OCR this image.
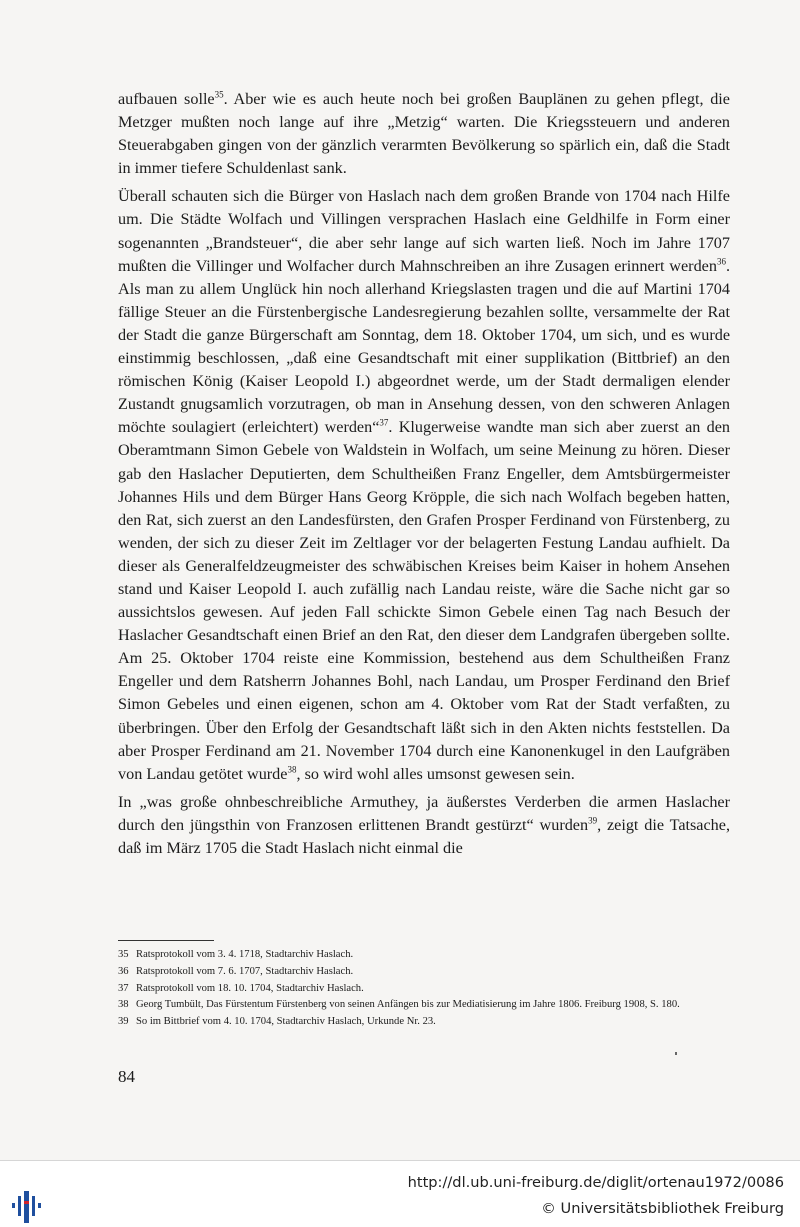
aufbauen solle$^{35}$. Aber wie es auch heute noch bei großen Bauplänen zu gehen pflegt, die Metzger mußten noch lange auf ihre „Metzig“ warten. Die Kriegssteuern und anderen Steuerabgaben gingen von der gänzlich verarmten Bevölkerung so spärlich ein, daß die Stadt in immer tiefere Schuldenlast sank.

Überall schauten sich die Bürger von Haslach nach dem großen Brande von 1704 nach Hilfe um. Die Städte Wolfach und Villingen versprachen Haslach eine Geldhilfe in Form einer sogenannten „Brandsteuer“, die aber sehr lange auf sich warten ließ. Noch im Jahre 1707 mußten die Villinger und Wolfacher durch Mahnschreiben an ihre Zusagen erinnert werden$^{36}$. Als man zu allem Unglück hin noch allerhand Kriegslasten tragen und die auf Martini 1704 fällige Steuer an die Fürstenbergische Landesregierung bezahlen sollte, versammelte der Rat der Stadt die ganze Bürgerschaft am Sonntag, dem 18. Oktober 1704, um sich, und es wurde einstimmig beschlossen, „daß eine Gesandtschaft mit einer supplikation (Bittbrief) an den römischen König (Kaiser Leopold I.) abgeordnet werde, um der Stadt dermaligen elender Zustandt gnugsamlich vorzutragen, ob man in Ansehung dessen, von den schweren Anlagen möchte soulagiert (erleichtert) werden“$^{37}$. Klugerweise wandte man sich aber zuerst an den Oberamtmann Simon Gebele von Waldstein in Wolfach, um seine Meinung zu hören. Dieser gab den Haslacher Deputierten, dem Schultheißen Franz Engeller, dem Amtsbürgermeister Johannes Hils und dem Bürger Hans Georg Kröpple, die sich nach Wolfach begeben hatten, den Rat, sich zuerst an den Landesfürsten, den Grafen Prosper Ferdinand von Fürstenberg, zu wenden, der sich zu dieser Zeit im Zeltlager vor der belagerten Festung Landau aufhielt. Da dieser als Generalfeldzeugmeister des schwäbischen Kreises beim Kaiser in hohem Ansehen stand und Kaiser Leopold I. auch zufällig nach Landau reiste, wäre die Sache nicht gar so aussichtslos gewesen. Auf jeden Fall schickte Simon Gebele einen Tag nach Besuch der Haslacher Gesandtschaft einen Brief an den Rat, den dieser dem Landgrafen übergeben sollte. Am 25. Oktober 1704 reiste eine Kommission, bestehend aus dem Schultheißen Franz Engeller und dem Ratsherrn Johannes Bohl, nach Landau, um Prosper Ferdinand den Brief Simon Gebeles und einen eigenen, schon am 4. Oktober vom Rat der Stadt verfaßten, zu überbringen. Über den Erfolg der Gesandtschaft läßt sich in den Akten nichts feststellen. Da aber Prosper Ferdinand am 21. November 1704 durch eine Kanonenkugel in den Laufgräben von Landau getötet wurde$^{38}$, so wird wohl alles umsonst gewesen sein.

In „was große ohnbeschreibliche Armuthey, ja äußerstes Verderben die armen Haslacher durch den jüngsthin von Franzosen erlittenen Brandt gestürzt“ wurden$^{39}$, zeigt die Tatsache, daß im März 1705 die Stadt Haslach nicht einmal die

35 Ratsprotokoll vom 3. 4. 1718, Stadtarchiv Haslach.
36 Ratsprotokoll vom 7. 6. 1707, Stadtarchiv Haslach.
37 Ratsprotokoll vom 18. 10. 1704, Stadtarchiv Haslach.
38 Georg Tumbült, Das Fürstentum Fürstenberg von seinen Anfängen bis zur Mediatisierung im Jahre 1806. Freiburg 1908, S. 180.
39 So im Bittbrief vom 4. 10. 1704, Stadtarchiv Haslach, Urkunde Nr. 23.
84
http://dl.ub.uni-freiburg.de/diglit/ortenau1972/0086
© Universitätsbibliothek Freiburg
